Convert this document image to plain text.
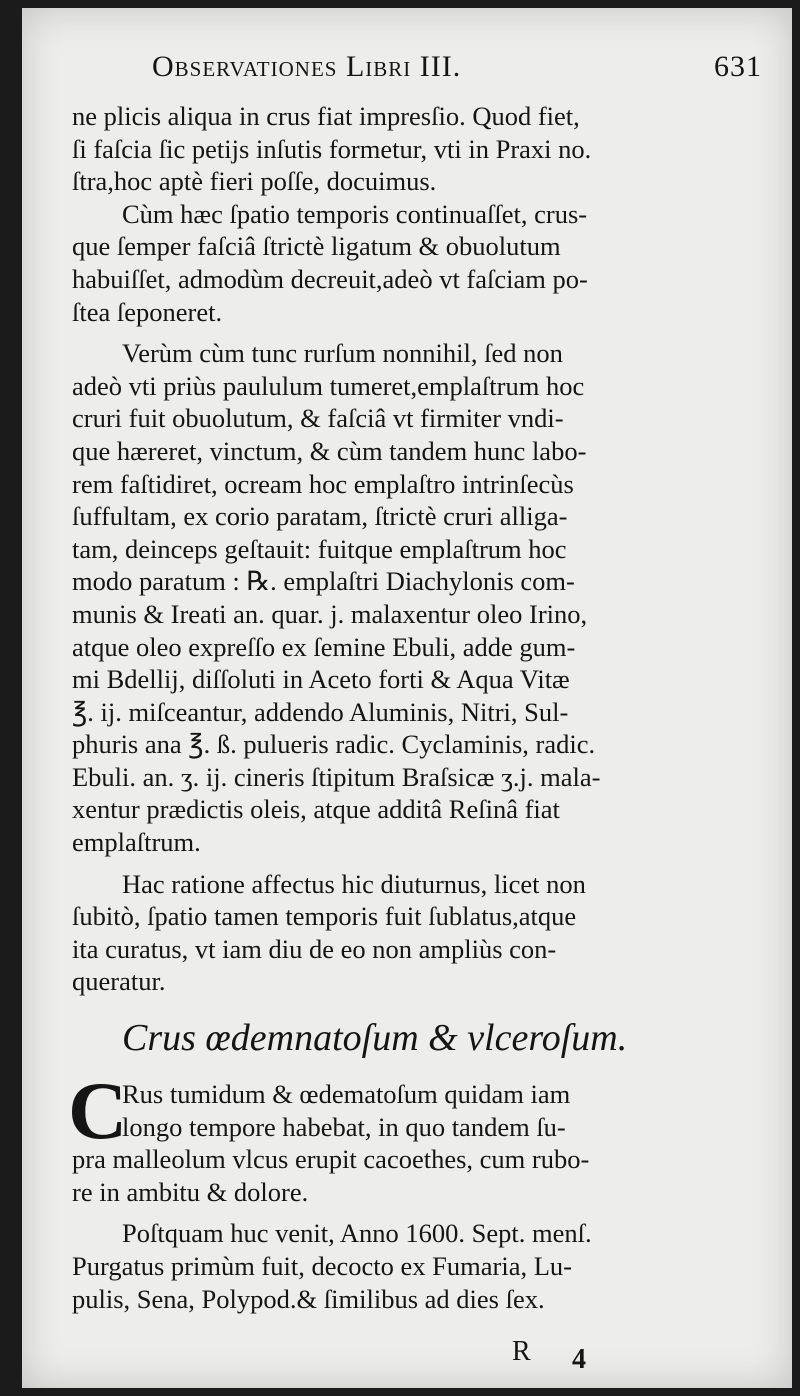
Observationes Libri III.	631
ne plicis aliqua in crus fiat impresſio. Quod fiet,
ſi faſcia ſic petijs inſutis formetur, vti in Praxi no.
ſtra,hoc aptè fieri poſſe, docuimus.
Cùm hæc ſpatio temporis continuaſſet, crus-
que ſemper faſciâ ſtrictè ligatum & obuolutum
habuiſſet, admodùm decreuit,adeò vt faſciam po-
ſtea ſeponeret.
Verùm cùm tunc rurſum nonnihil, ſed non
adeò vti priùs paululum tumeret,emplaſtrum hoc
cruri fuit obuolutum, & faſciâ vt firmiter vndi-
que hæreret, vinctum, & cùm tandem hunc labo-
rem faſtidiret, ocream hoc emplaſtro intrinſecùs
ſuffultam, ex corio paratam, ſtrictè cruri alliga-
tam, deinceps geſtauit: fuitque emplaſtrum hoc
modo paratum : ℞. emplaſtri Diachylonis com-
munis & Ireati an. quar. j. malaxentur oleo Irino,
atque oleo expreſſo ex ſemine Ebuli, adde gum-
mi Bdellij, diſſoluti in Aceto forti & Aqua Vitæ
℥. ij. miſceantur, addendo Aluminis, Nitri, Sul-
phuris ana ℥. ß. pulueris radic. Cyclaminis, radic.
Ebuli. an. ʒ. ij. cineris ſtipitum Braſsicæ ʒ.j. mala-
xentur prædictis oleis, atque additâ Reſinâ fiat
emplaſtrum.
Hac ratione affectus hic diuturnus, licet non
ſubitò, ſpatio tamen temporis fuit ſublatus,atque
ita curatus, vt iam diu de eo non ampliùs con-
queratur.
Crus œdemnatoſum & vlceroſum.
C
Rus tumidum & œdematoſum quidam iam
longo tempore habebat, in quo tandem ſu-
pra malleolum vlcus erupit cacoethes, cum rubo-
re in ambitu & dolore.
Poſtquam huc venit, Anno 1600. Sept. menſ.
Purgatus primùm fuit, decocto ex Fumaria, Lu-
pulis, Sena, Polypod.& ſimilibus ad dies ſex.
R 4
